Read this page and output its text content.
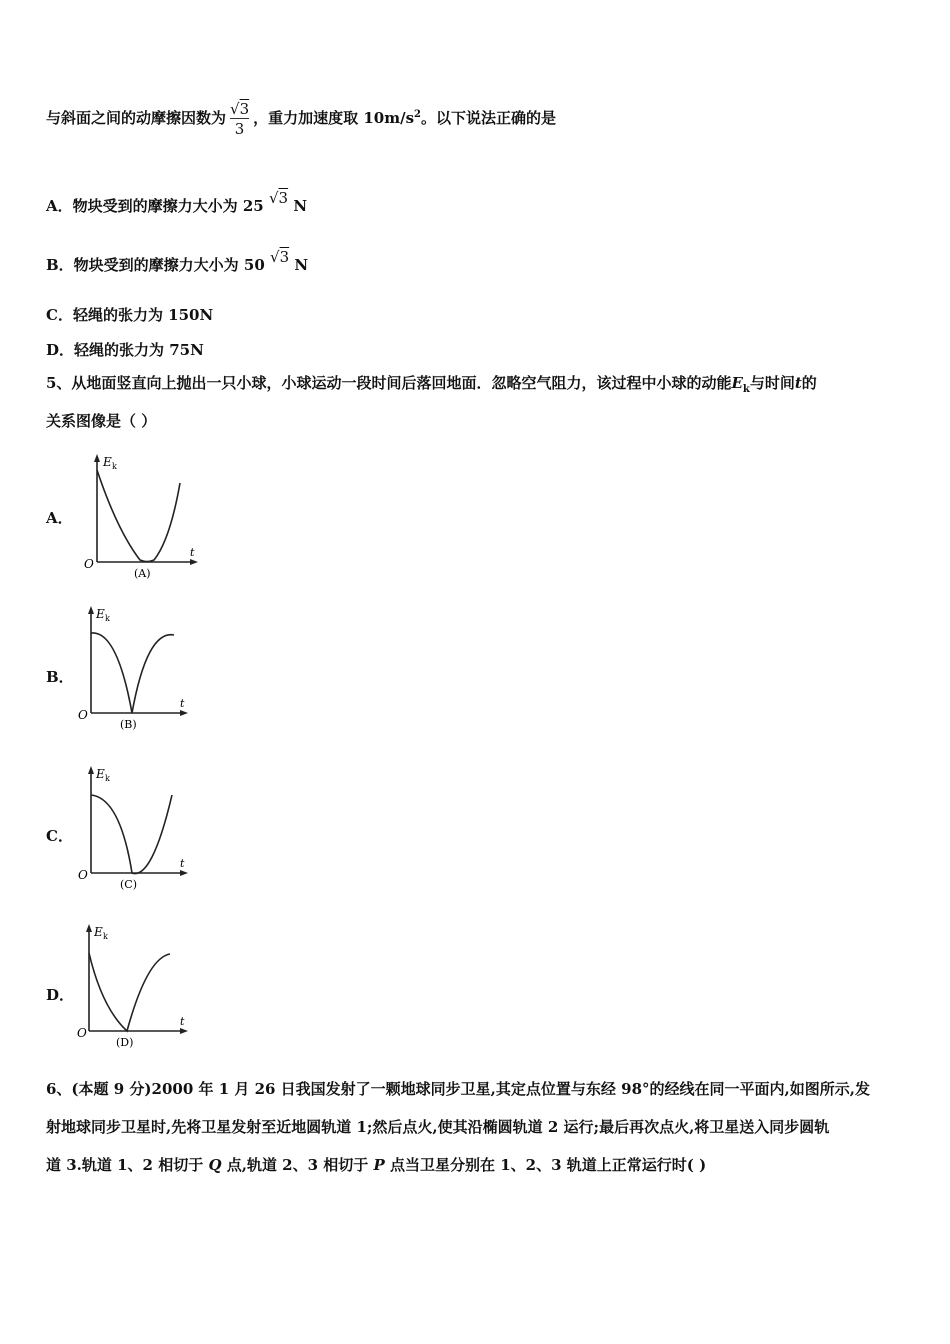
与斜面之间的动摩擦因数为 $\frac{√3}{3}$ ，重力加速度取 $10m/s^2$。以下说法正确的是
A．物块受到的摩擦力大小为 25 √3 N
B．物块受到的摩擦力大小为 50 √3 N
C．轻绳的张力为 150N
D．轻绳的张力为 75N
5、从地面竖直向上抛出一只小球，小球运动一段时间后落回地面．忽略空气阻力，该过程中小球的动能$E_k$与时间t的
关系图像是（ ）
A．
E k
t
O
(A)
B．
E k
t
O
(B)
C．
E k
t
O
(C)
D．
E k
t
O
(D)
6、(本题 9 分)2000 年 1 月 26 日我国发射了一颗地球同步卫星,其定点位置与东经 98°的经线在同一平面内,如图所示,发
射地球同步卫星时,先将卫星发射至近地圆轨道 1;然后点火,使其沿椭圆轨道 2 运行;最后再次点火,将卫星送入同步圆轨
道 3.轨道 1、2 相切于 Q 点,轨道 2、3 相切于 P 点当卫星分别在 1、2、3 轨道上正常运行时( )
